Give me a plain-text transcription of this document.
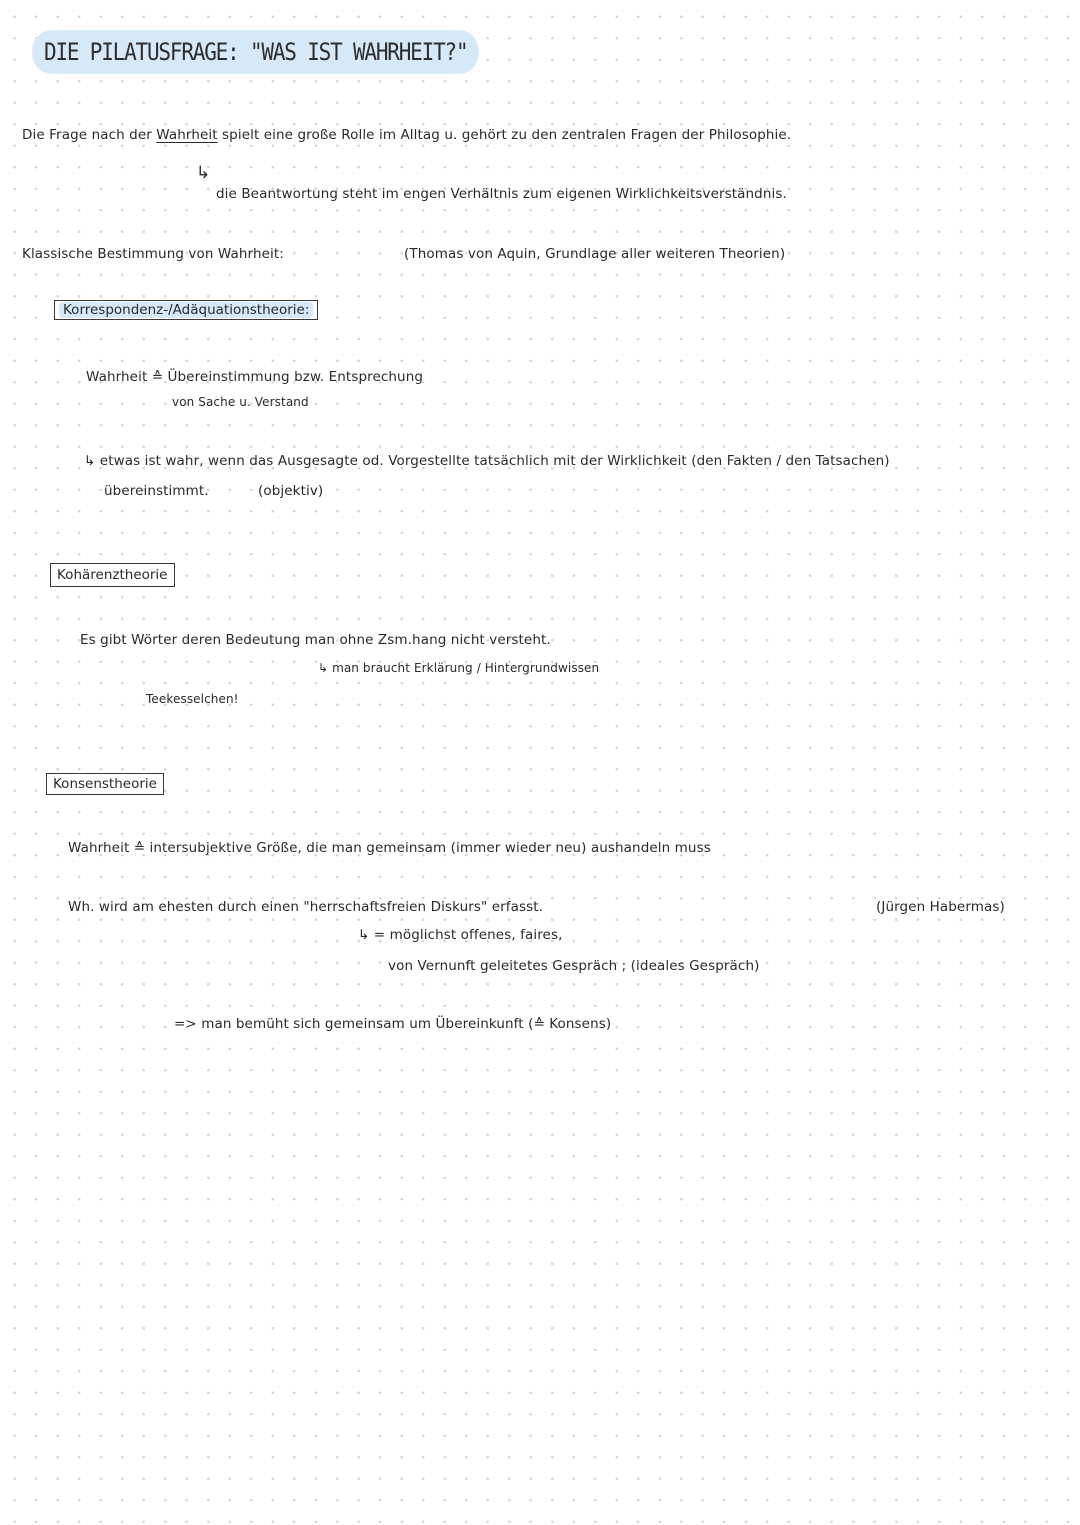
DIE PILATUSFRAGE: "WAS IST WAHRHEIT?"
Die Frage nach der Wahrheit spielt eine große Rolle im Alltag u. gehört zu den zentralen Fragen der Philosophie.
↳
die Beantwortung steht im engen Verhältnis zum eigenen Wirklichkeitsverständnis.
Klassische Bestimmung von Wahrheit:	(Thomas von Aquin, Grundlage aller weiteren Theorien)
Korrespondenz-/Adäquationstheorie:
Wahrheit ≙ Übereinstimmung bzw. Entsprechung
von Sache u. Verstand
↳ etwas ist wahr, wenn das Ausgesagte od. Vorgestellte tatsächlich mit der Wirklichkeit (den Fakten / den Tatsachen)
übereinstimmt.	(objektiv)
Kohärenztheorie
Es gibt Wörter deren Bedeutung man ohne Zsm.hang nicht versteht.
↳ man braucht Erklärung / Hintergrundwissen
Teekesselchen!
Konsenstheorie
Wahrheit ≙ intersubjektive Größe, die man gemeinsam (immer wieder neu) aushandeln muss
Wh. wird am ehesten durch einen "herrschaftsfreien Diskurs" erfasst.	(Jürgen Habermas)
↳ = möglichst offenes, faires,
von Vernunft geleitetes Gespräch ; (ideales Gespräch)
=> man bemüht sich gemeinsam um Übereinkunft (≙ Konsens)
